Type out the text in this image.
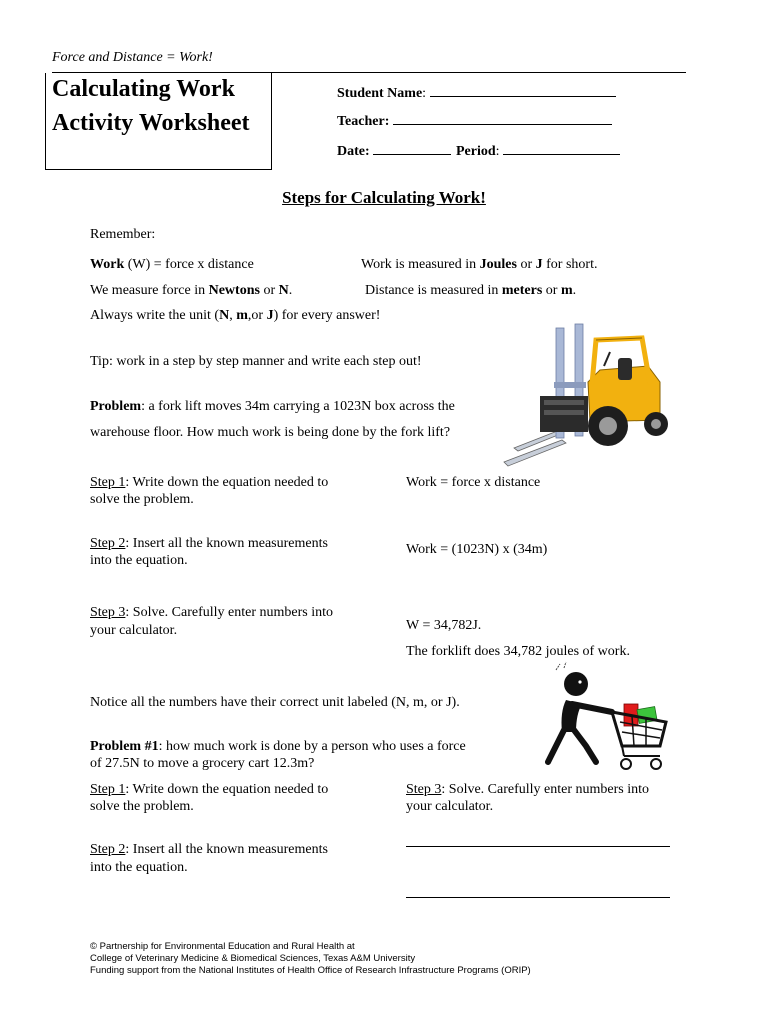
Force and Distance = Work!
Calculating Work
Activity Worksheet
Student Name:
Teacher:
Date:	Period:
Steps for Calculating Work!
Remember:
Work (W) = force x distance	Work is measured in Joules or J for short.
We measure force in Newtons or N.	Distance is measured in meters or m.
Always write the unit (N, m,or J) for every answer!
Tip: work in a step by step manner and write each step out!
Problem: a fork lift moves 34m carrying a 1023N box across the
warehouse floor. How much work is being done by the fork lift?
Step 1: Write down the equation needed to
solve the problem.
Work = force x distance
Step 2: Insert all the known measurements
into the equation.
Work = (1023N) x (34m)
Step 3: Solve. Carefully enter numbers into
your calculator.	W = 34,782J.
The forklift does 34,782 joules of work.
Notice all the numbers have their correct unit labeled (N, m, or J).
Problem #1: how much work is done by a person who uses a force
of 27.5N to move a grocery cart 12.3m?
Step 1: Write down the equation needed to
solve the problem.
Step 3: Solve. Carefully enter numbers into
your calculator.
Step 2: Insert all the known measurements
into the equation.
© Partnership for Environmental Education and Rural Health at
College of Veterinary Medicine & Biomedical Sciences, Texas A&M University
Funding support from the National Institutes of Health Office of Research Infrastructure Programs (ORIP)
